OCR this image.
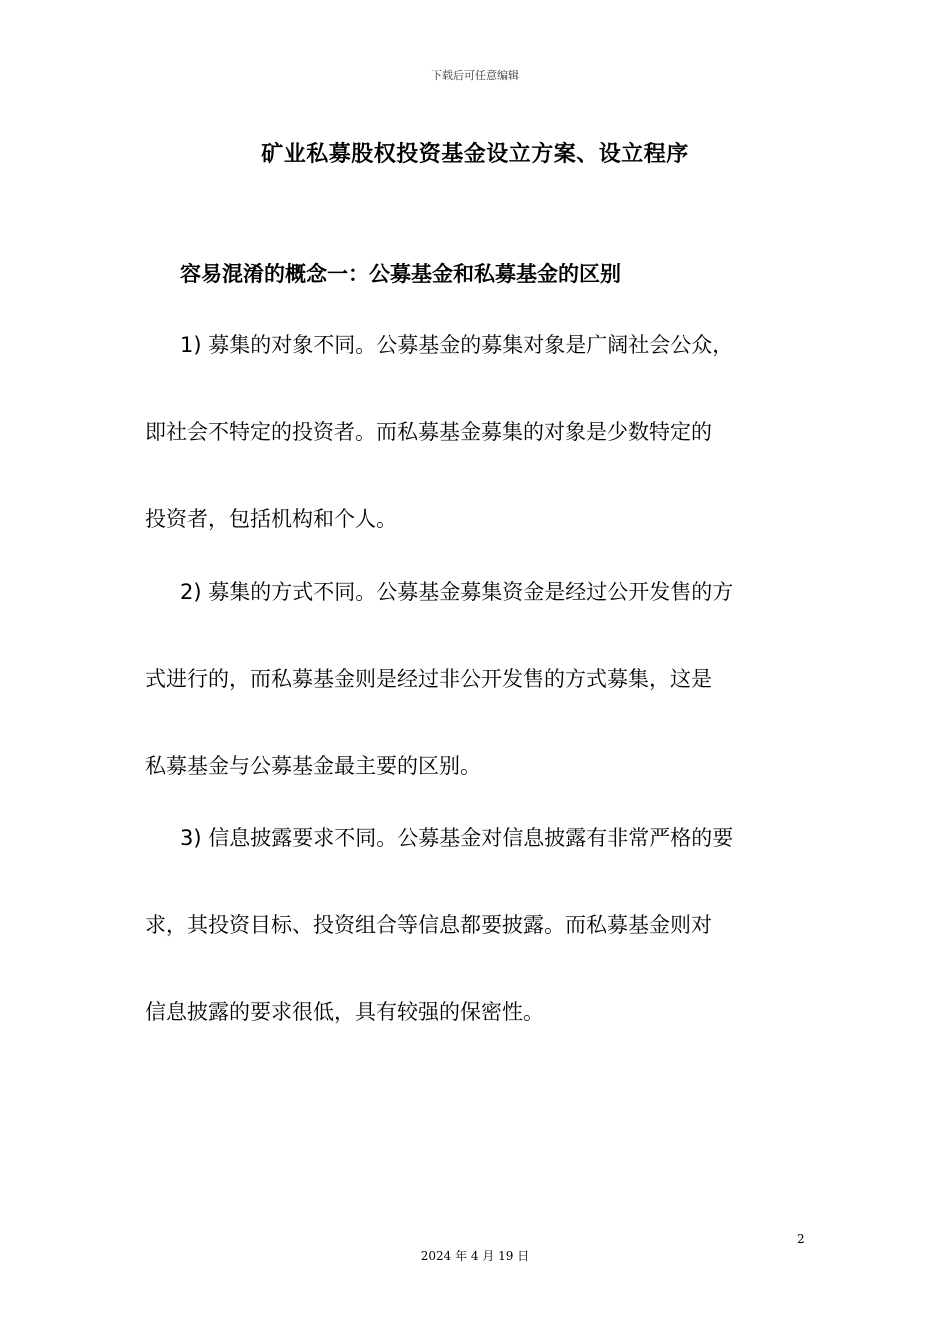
下载后可任意编辑
矿业私募股权投资基金设立方案、设立程序
容易混淆的概念一：公募基金和私募基金的区别
1) 募集的对象不同。公募基金的募集对象是广阔社会公众，
即社会不特定的投资者。而私募基金募集的对象是少数特定的
投资者，包括机构和个人。
2) 募集的方式不同。公募基金募集资金是经过公开发售的方
式进行的，而私募基金则是经过非公开发售的方式募集，这是
私募基金与公募基金最主要的区别。
3) 信息披露要求不同。公募基金对信息披露有非常严格的要
求，其投资目标、投资组合等信息都要披露。而私募基金则对
信息披露的要求很低，具有较强的保密性。
2
2024 年 4 月 19 日
